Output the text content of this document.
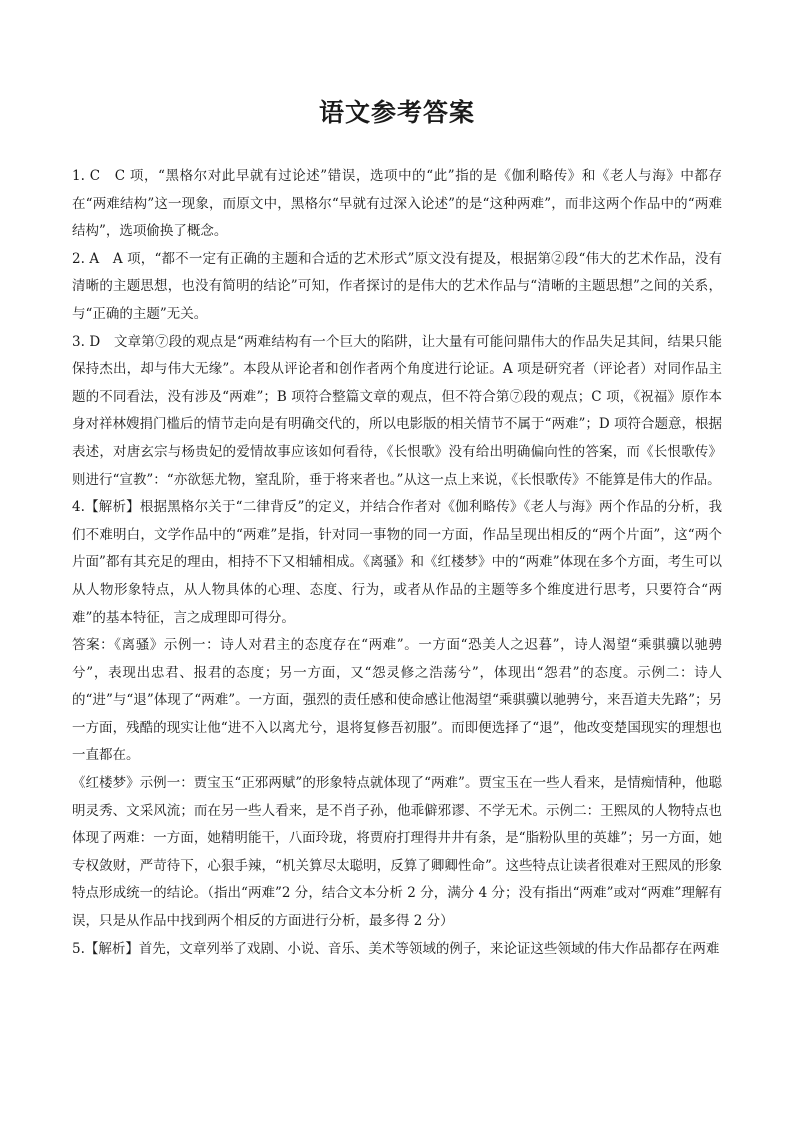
语文参考答案

1. C　C 项，“黑格尔对此早就有过论述”错误，选项中的“此”指的是《伽利略传》和《老人与海》中都存在“两难结构”这一现象，而原文中，黑格尔“早就有过深入论述”的是“这种两难”，而非这两个作品中的“两难结构”，选项偷换了概念。

2. A　A 项，“都不一定有正确的主题和合适的艺术形式”原文没有提及，根据第②段“伟大的艺术作品，没有清晰的主题思想，也没有简明的结论”可知，作者探讨的是伟大的艺术作品与“清晰的主题思想”之间的关系，与“正确的主题”无关。

3. D　文章第⑦段的观点是“两难结构有一个巨大的陷阱，让大量有可能问鼎伟大的作品失足其间，结果只能保持杰出，却与伟大无缘”。本段从评论者和创作者两个角度进行论证。A 项是研究者（评论者）对同作品主题的不同看法，没有涉及“两难”；B 项符合整篇文章的观点，但不符合第⑦段的观点；C 项，《祝福》原作本身对祥林嫂捐门槛后的情节走向是有明确交代的，所以电影版的相关情节不属于“两难”；D 项符合题意，根据表述，对唐玄宗与杨贵妃的爱情故事应该如何看待，《长恨歌》没有给出明确偏向性的答案，而《长恨歌传》则进行“宣教”：“亦欲惩尤物，窒乱阶，垂于将来者也。”从这一点上来说，《长恨歌传》不能算是伟大的作品。

4.【解析】根据黑格尔关于“二律背反”的定义，并结合作者对《伽利略传》《老人与海》两个作品的分析，我们不难明白，文学作品中的“两难”是指，针对同一事物的同一方面，作品呈现出相反的“两个片面”，这“两个片面”都有其充足的理由，相持不下又相辅相成。《离骚》和《红楼梦》中的“两难”体现在多个方面，考生可以从人物形象特点，从人物具体的心理、态度、行为，或者从作品的主题等多个维度进行思考，只要符合“两难”的基本特征，言之成理即可得分。

答案：《离骚》示例一：诗人对君主的态度存在“两难”。一方面“恐美人之迟暮”，诗人渴望“乘骐骥以驰骋兮”，表现出忠君、报君的态度；另一方面，又“怨灵修之浩荡兮”，体现出“怨君”的态度。示例二：诗人的“进”与“退”体现了“两难”。一方面，强烈的责任感和使命感让他渴望“乘骐骥以驰骋兮，来吾道夫先路”；另一方面，残酷的现实让他“进不入以离尤兮，退将复修吾初服”。而即便选择了“退”，他改变楚国现实的理想也一直都在。

《红楼梦》示例一：贾宝玉“正邪两赋”的形象特点就体现了“两难”。贾宝玉在一些人看来，是情痴情种，他聪明灵秀、文采风流；而在另一些人看来，是不肖子孙，他乖僻邪谬、不学无术。示例二：王熙凤的人物特点也体现了两难：一方面，她精明能干，八面玲珑，将贾府打理得井井有条，是“脂粉队里的英雄”；另一方面，她专权敛财，严苛待下，心狠手辣，“机关算尽太聪明，反算了卿卿性命”。这些特点让读者很难对王熙凤的形象特点形成统一的结论。（指出“两难”2 分，结合文本分析 2 分，满分 4 分；没有指出“两难”或对“两难”理解有误，只是从作品中找到两个相反的方面进行分析，最多得 2 分）

5.【解析】首先，文章列举了戏剧、小说、音乐、美术等领域的例子，来论证这些领域的伟大作品都存在两难
